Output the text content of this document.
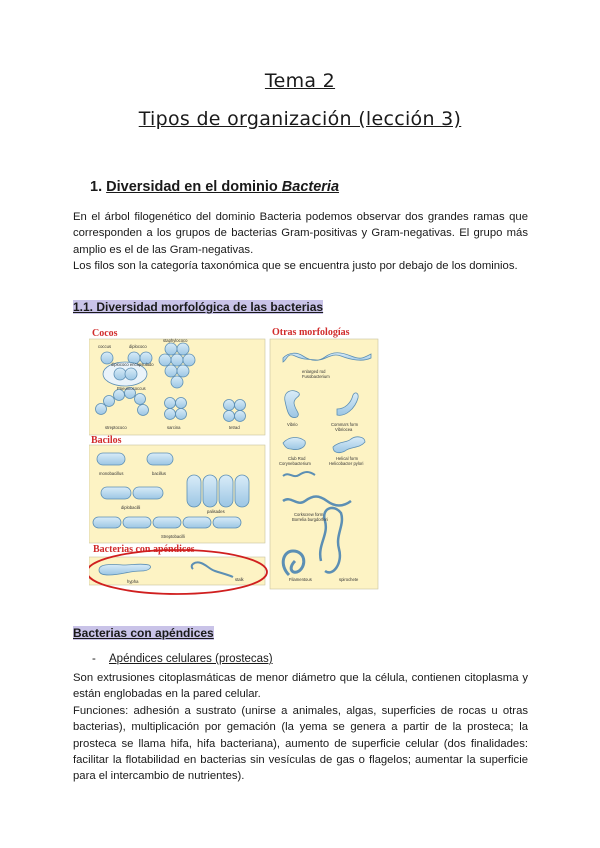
Tema 2
Tipos de organización (lección 3)
1. Diversidad en el dominio Bacteria
En el árbol filogenético del dominio Bacteria podemos observar dos grandes ramas que corresponden a los grupos de bacterias Gram-positivas y Gram-negativas. El grupo más amplio es el de las Gram-negativas.
Los filos son la categoría taxonómica que se encuentra justo por debajo de los dominios.
1.1. Diversidad morfológica de las bacterias
Cocos	Otras morfologías
Bacilos
Bacterias con apéndices
coccus	diplococo
diplococo encapsulado
Pneumococcus
staphylococo
streptococo	sarcina	tetrad
enlarged rod
Fusobacterium
Vibrio	Comma's form
Vibriocea
Club Rod
Corynebacterium
Helical form
Helicobacter pylori
Corkscrew form
Borrelia burgdorferi
Filamentous	spirochete
monobacillus	bacillus
diplobacilli
palisades
Streptobacilli
hypha	stalk
Bacterias con apéndices
- Apéndices celulares (prostecas)
Son extrusiones citoplasmáticas de menor diámetro que la célula, contienen citoplasma y están englobadas en la pared celular.
Funciones: adhesión a sustrato (unirse a animales, algas, superficies de rocas u otras bacterias), multiplicación por gemación (la yema se genera a partir de la prosteca; la prosteca se llama hifa, hifa bacteriana), aumento de superficie celular (dos finalidades: facilitar la flotabilidad en bacterias sin vesículas de gas o flagelos; aumentar la superficie para el intercambio de nutrientes).
